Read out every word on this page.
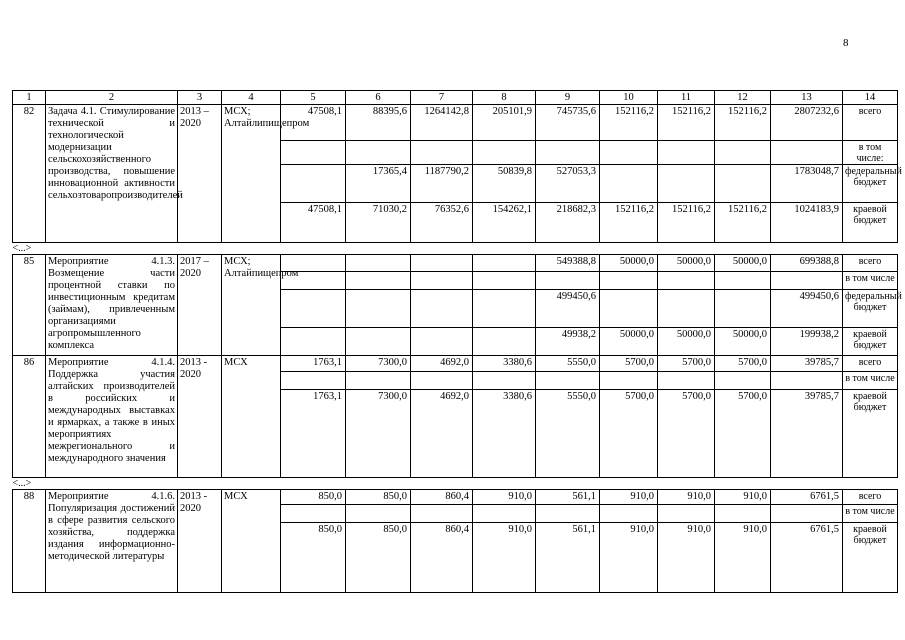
8
1	2	3	4	5	6	7	8	9	10	11	12	13	14
82	Задача 4.1. Стимулирование технической и технологической модернизации сельскохозяйственного производства, повышение инновационной активности сельхозтоваропроизводителей	2013 – 2020	МСХ; Алтайлипищепром	47508,1	88395,6	1264142,8	205101,9	745735,6	152116,2	152116,2	152116,2	2807232,6	всего
													в том числе:
					17365,4	1187790,2	50839,8	527053,3				1783048,7	федеральный бюджет
				47508,1	71030,2	76352,6	154262,1	218682,3	152116,2	152116,2	152116,2	1024183,9	краевой бюджет
<...>													
85	Мероприятие 4.1.3. Возмещение части процентной ставки по инвестиционным кредитам (займам), привлеченным организациями агропромышленного комплекса	2017 – 2020	МСХ; Алтайпищепром					549388,8	50000,0	50000,0	50000,0	699388,8	всего
													в том числе
								499450,6				499450,6	федеральный бюджет
								49938,2	50000,0	50000,0	50000,0	199938,2	краевой бюджет
86	Мероприятие 4.1.4. Поддержка участия алтайских производителей в российских и международных выставках и ярмарках, а также в иных мероприятиях межрегионального и международного значения	2013 - 2020	МСХ	1763,1	7300,0	4692,0	3380,6	5550,0	5700,0	5700,0	5700,0	39785,7	всего
													в том числе
				1763,1	7300,0	4692,0	3380,6	5550,0	5700,0	5700,0	5700,0	39785,7	краевой бюджет
<...>													
88	Мероприятие 4.1.6. Популяризация достижений в сфере развития сельского хозяйства, поддержка издания информационно-методической литературы	2013 - 2020	МСХ	850,0	850,0	860,4	910,0	561,1	910,0	910,0	910,0	6761,5	всего
													в том числе
				850,0	850,0	860,4	910,0	561,1	910,0	910,0	910,0	6761,5	краевой бюджет
